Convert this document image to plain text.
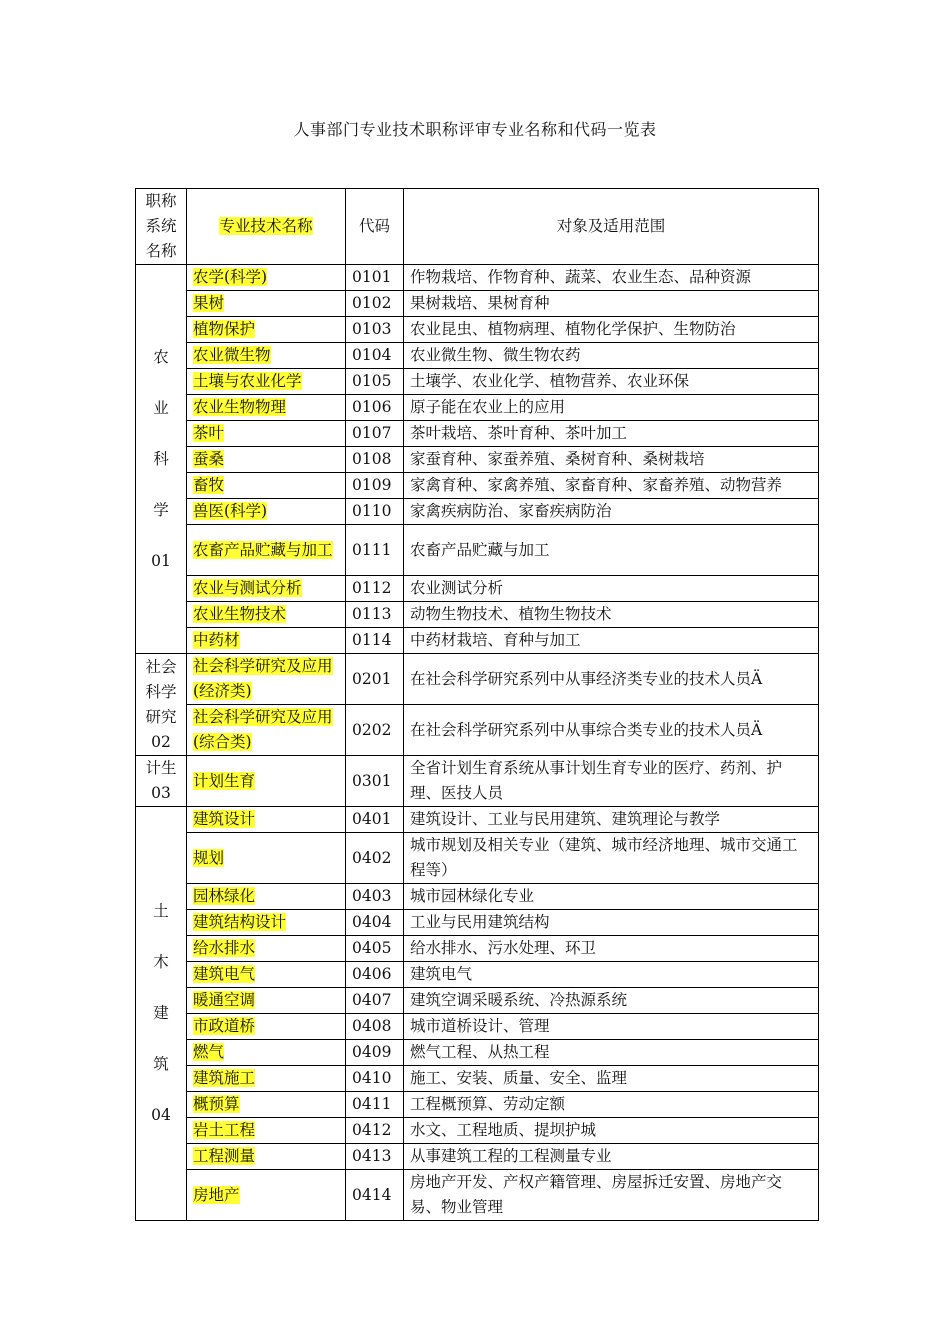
人事部门专业技术职称评审专业名称和代码一览表
职称
系统
名称	专业技术名称	代码	对象及适用范围

农
业
科
学
01	农学(科学)	0101	作物栽培、作物育种、蔬菜、农业生态、品种资源
	果树	0102	果树栽培、果树育种
	植物保护	0103	农业昆虫、植物病理、植物化学保护、生物防治
	农业微生物	0104	农业微生物、微生物农药
	土壤与农业化学	0105	土壤学、农业化学、植物营养、农业环保
	农业生物物理	0106	原子能在农业上的应用
	茶叶	0107	茶叶栽培、茶叶育种、茶叶加工
	蚕桑	0108	家蚕育种、家蚕养殖、桑树育种、桑树栽培
	畜牧	0109	家禽育种、家禽养殖、家畜育种、家畜养殖、动物营养
	兽医(科学)	0110	家禽疾病防治、家畜疾病防治
	农畜产品贮藏与加工	0111	农畜产品贮藏与加工
	农业与测试分析	0112	农业测试分析
	农业生物技术	0113	动物生物技术、植物生物技术
	中药材	0114	中药材栽培、育种与加工

社会
科学
研究
02	社会科学研究及应用(经济类)	0201	在社会科学研究系列中从事经济类专业的技术人员Ä
	社会科学研究及应用(综合类)	0202	在社会科学研究系列中从事综合类专业的技术人员Ä

计生
03	计划生育	0301	全省计划生育系统从事计划生育专业的医疗、药剂、护理、医技人员

土
木
建
筑
04	建筑设计	0401	建筑设计、工业与民用建筑、建筑理论与教学
	规划	0402	城市规划及相关专业（建筑、城市经济地理、城市交通工程等）
	园林绿化	0403	城市园林绿化专业
	建筑结构设计	0404	工业与民用建筑结构
	给水排水	0405	给水排水、污水处理、环卫
	建筑电气	0406	建筑电气
	暖通空调	0407	建筑空调采暖系统、冷热源系统
	市政道桥	0408	城市道桥设计、管理
	燃气	0409	燃气工程、从热工程
	建筑施工	0410	施工、安装、质量、安全、监理
	概预算	0411	工程概预算、劳动定额
	岩土工程	0412	水文、工程地质、提坝护城
	工程测量	0413	从事建筑工程的工程测量专业
	房地产	0414	房地产开发、产权产籍管理、房屋拆迁安置、房地产交易、物业管理
